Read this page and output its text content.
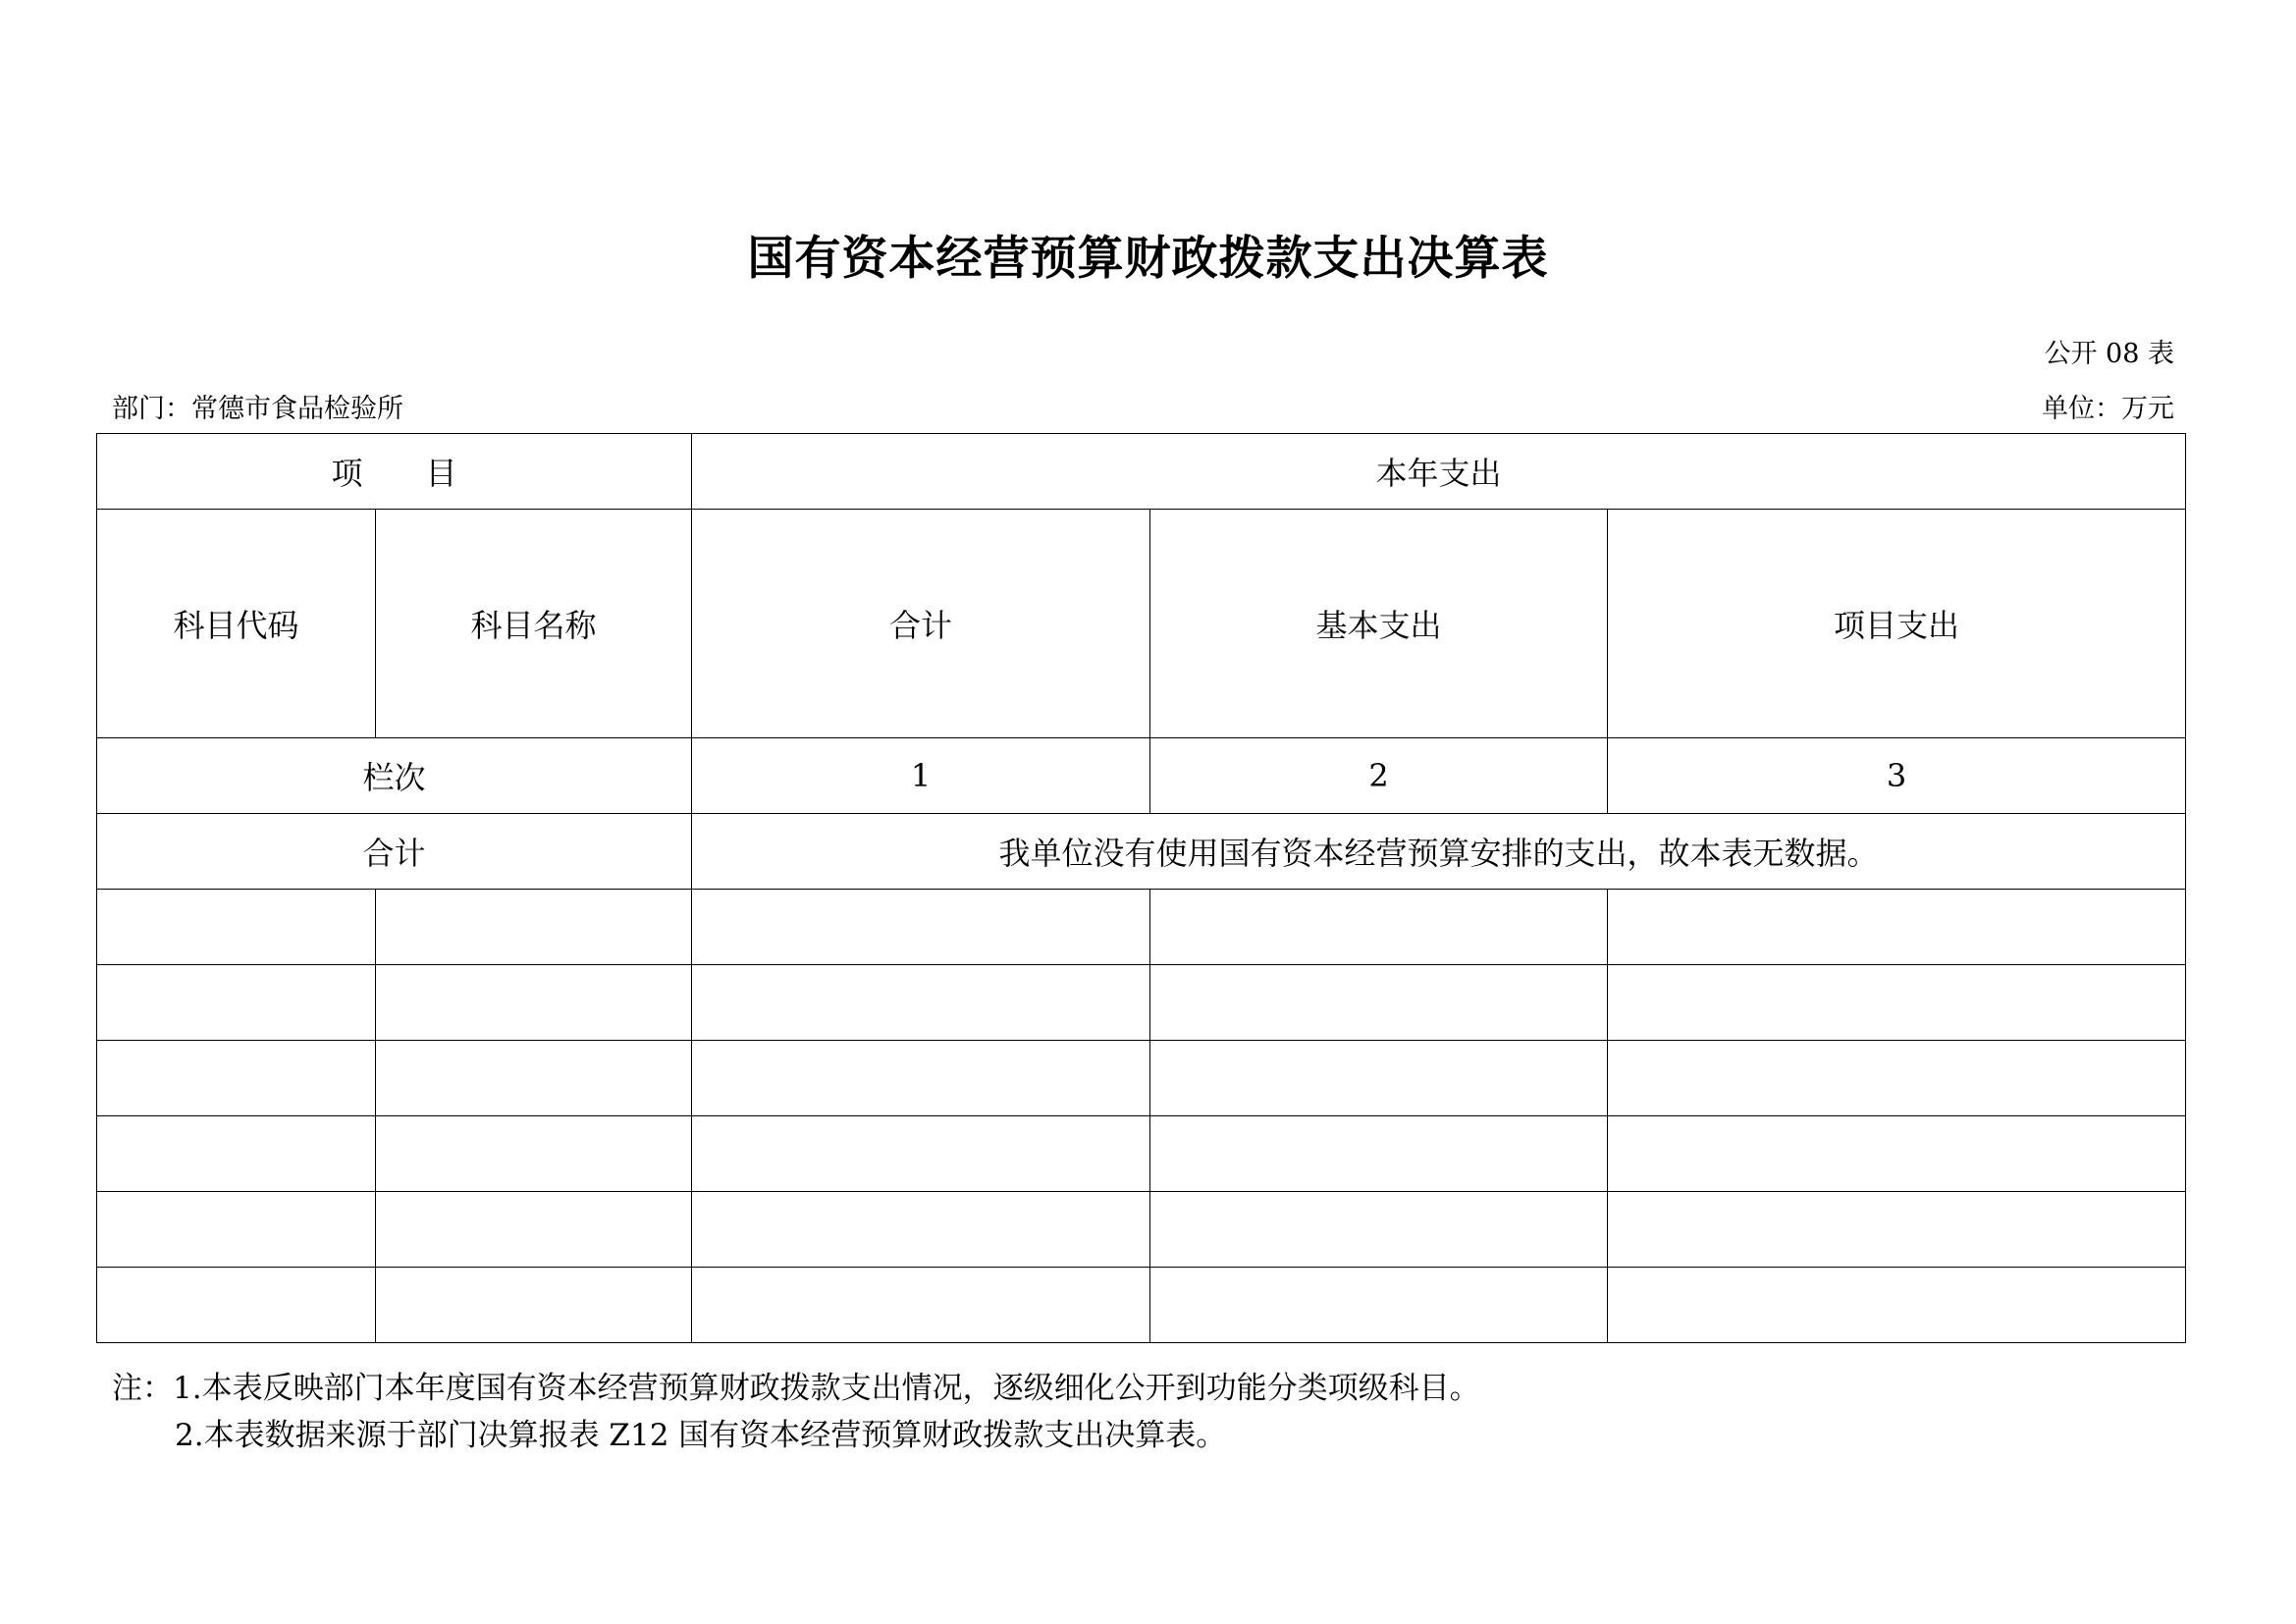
国有资本经营预算财政拨款支出决算表
公开 08 表
部门：常德市食品检验所	单位：万元
项　　目		本年支出		
科目代码	科目名称	合计	基本支出	项目支出
栏次		1	2	3
合计		我单位没有使用国有资本经营预算安排的支出，故本表无数据。		

注：1.本表反映部门本年度国有资本经营预算财政拨款支出情况，逐级细化公开到功能分类项级科目。
2.本表数据来源于部门决算报表 Z12 国有资本经营预算财政拨款支出决算表。
